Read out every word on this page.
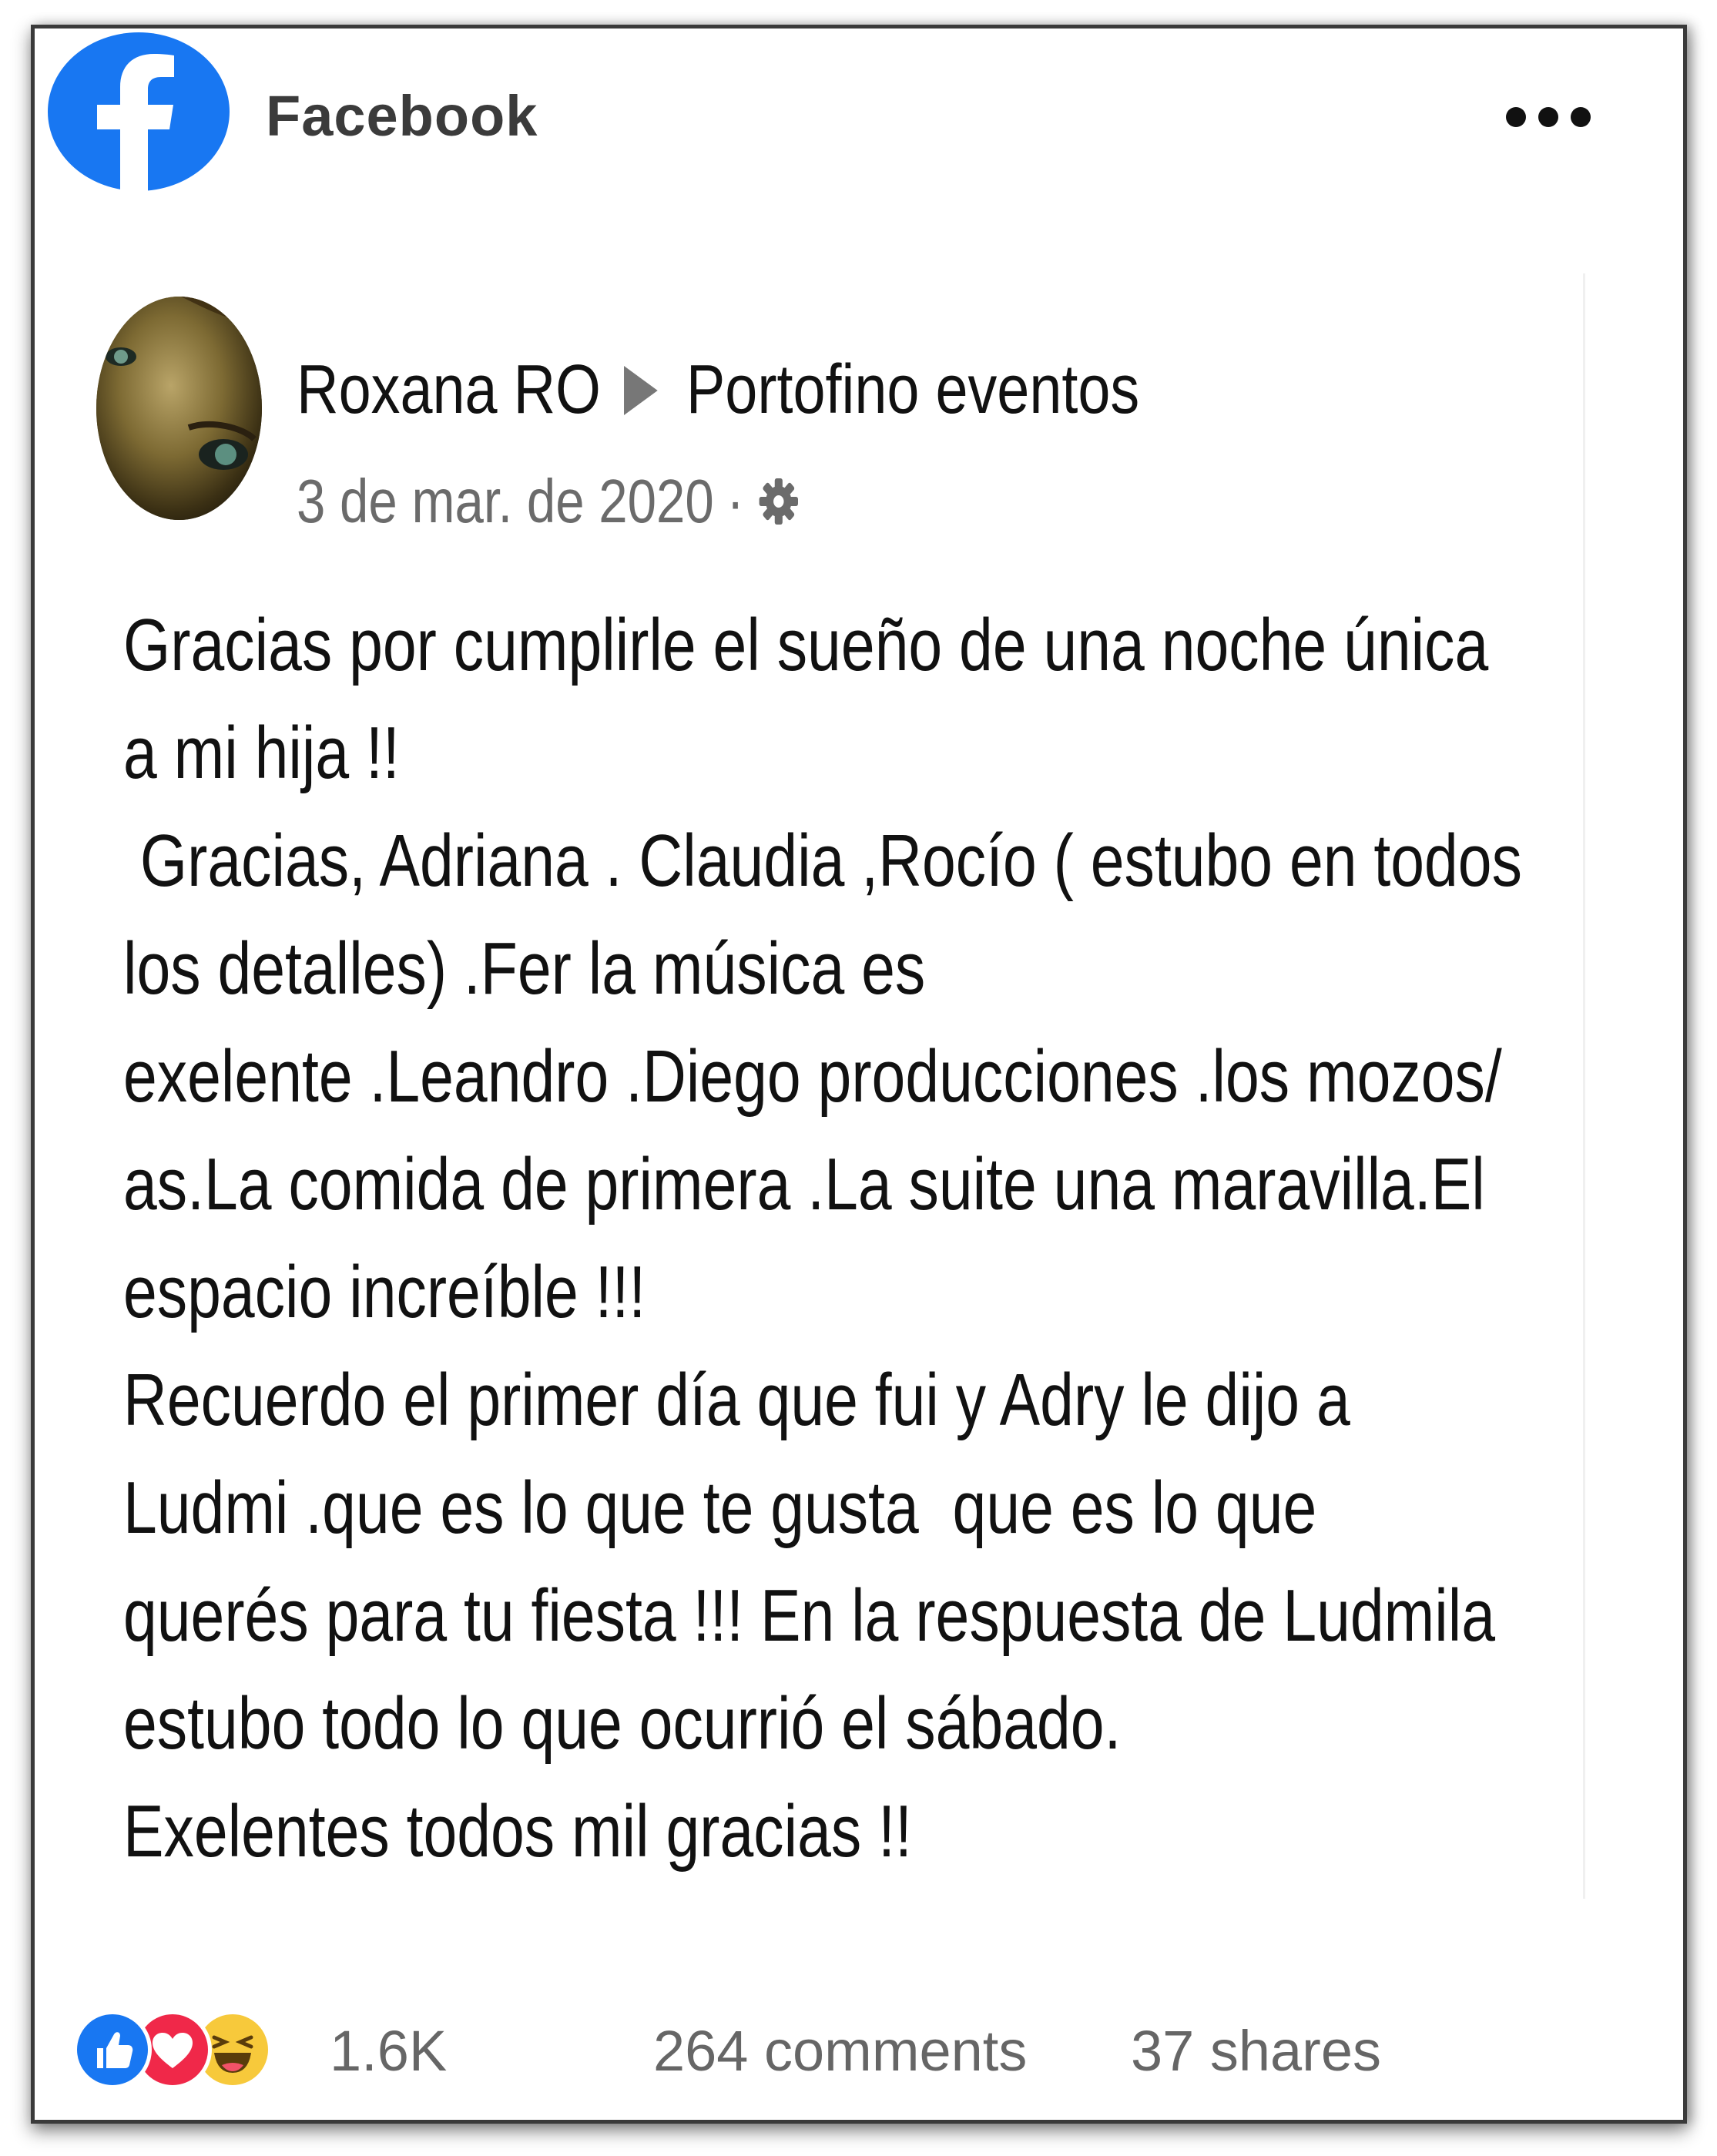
Facebook
Roxana RO Portofino eventos
3 de mar. de 2020 ·

Gracias por cumplirle el sueño de una noche única

a mi hija !!

Gracias, Adriana . Claudia ,Rocío ( estubo en todos

los detalles) .Fer la música es

exelente .Leandro .Diego producciones .los mozos/

as.La comida de primera .La suite una maravilla.El

espacio increíble !!!

Recuerdo el primer día que fui y Adry le dijo a

Ludmi .que es lo que te gusta  que es lo que

querés para tu fiesta !!! En la respuesta de Ludmila

estubo todo lo que ocurrió el sábado.

Exelentes todos mil gracias !!

1.6K	264 comments 37 shares
